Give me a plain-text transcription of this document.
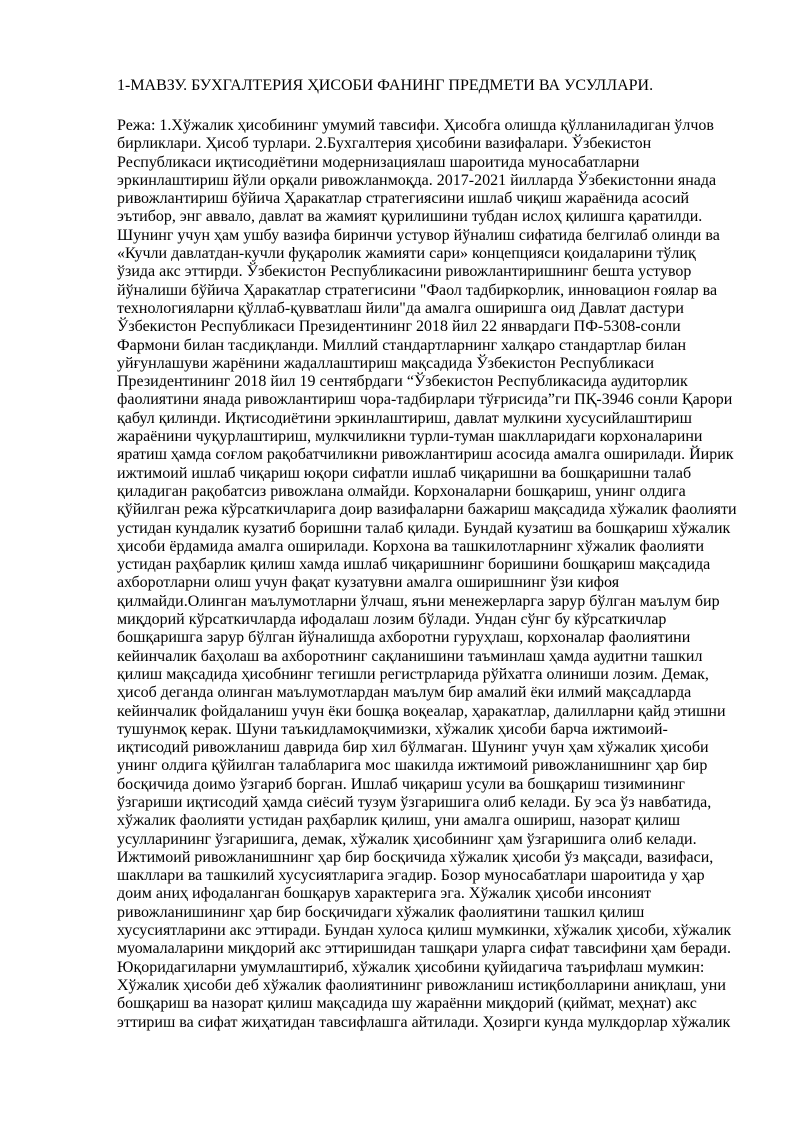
1-МАВЗУ. БУХГАЛТЕРИЯ ҲИСОБИ ФАНИНГ ПРЕДМЕТИ ВА УСУЛЛАРИ.
Режа: 1.Хўжалик ҳисобининг умумий тавсифи. Ҳисобга олишда қўлланиладиган ўлчов
бирликлари. Ҳисоб турлари. 2.Бухгалтерия ҳисобини вазифалари. Ўзбекистон
Республикаси иқтисодиётини модернизациялаш шароитида муносабатларни
эркинлаштириш йўли орқали ривожланмоқда. 2017-2021 йилларда Ўзбекистонни янада
ривожлантириш бўйича Ҳаракатлар стратегиясини ишлаб чиқиш жараёнида асосий
эътибор, энг аввало, давлат ва жамият қурилишини тубдан ислоҳ қилишга қаратилди.
Шунинг учун ҳам ушбу вазифа биринчи устувор йўналиш сифатида белгилаб олинди ва
«Кучли давлатдан-кучли фуқаролик жамияти сари» концепцияси қоидаларини тўлиқ
ўзида акс эттирди. Ўзбекистон Республикасини ривожлантиришнинг бешта устувор
йўналиши бўйича Ҳаракатлар стратегисини "Фаол тадбиркорлик, инновацион ғоялар ва
технологияларни қўллаб-қувватлаш йили"да амалга оширишга оид Давлат дастури
Ўзбекистон Республикаси Президентининг 2018 йил 22 январдаги ПФ-5308-сонли
Фармони билан тасдиқланди. Миллий стандартларнинг халқаро стандартлар билан
уйғунлашуви жарёнини жадаллаштириш мақсадида Ўзбекистон Республикаси
Президентининг 2018 йил 19 сентябрдаги “Ўзбекистон Республикасида аудиторлик
фаолиятини янада ривожлантириш чора-тадбирлари тўғрисида”ги ПҚ-3946 сонли Қарори
қабул қилинди. Иқтисодиётини эркинлаштириш, давлат мулкини хусусийлаштириш
жараёнини чуқурлаштириш, мулкчиликни турли-туман шаклларидаги корхоналарини
яратиш ҳамда соғлом рақобатчиликни ривожлантириш асосида амалга оширилади. Йирик
ижтимоий ишлаб чиқариш юқори сифатли ишлаб чиқаришни ва бошқаришни талаб
қиладиган рақобатсиз ривожлана олмайди. Корхоналарни бошқариш, унинг олдига
қўйилган режа кўрсаткичларига доир вазифаларни бажариш мақсадида хўжалик фаолияти
устидан кундалик кузатиб боришни талаб қилади. Бундай кузатиш ва бошқариш хўжалик
ҳисоби ёрдамида амалга оширилади. Корхона ва ташкилотларнинг хўжалик фаолияти
устидан раҳбарлик қилиш хамда ишлаб чиқаришнинг боришини бошқариш мақсадида
ахборотларни олиш учун фақат кузатувни амалга оширишнинг ўзи кифоя
қилмайди.Олинган маълумотларни ўлчаш, яъни менежерларга зарур бўлган маълум бир
миқдорий кўрсаткичларда ифодалаш лозим бўлади. Ундан сўнг бу кўрсаткичлар
бошқаришга зарур бўлган йўналишда ахборотни гуруҳлаш, корхоналар фаолиятини
кейинчалик баҳолаш ва ахборотнинг сақланишини таъминлаш ҳамда аудитни ташкил
қилиш мақсадида ҳисобнинг тегишли регистрларида рўйхатга олиниши лозим. Демак,
ҳисоб деганда олинган маълумотлардан маълум бир амалий ёки илмий мақсадларда
кейинчалик фойдаланиш учун ёки бошқа воқеалар, ҳаракатлар, далилларни қайд этишни
тушунмоқ керак. Шуни таъкидламоқчимизки, хўжалик ҳисоби барча ижтимоий-
иқтисодий ривожланиш даврида бир хил бўлмаган. Шунинг учун ҳам хўжалик ҳисоби
унинг олдига қўйилган талабларига мос шакилда ижтимоий ривожланишнинг ҳар бир
босқичида доимо ўзгариб борган. Ишлаб чиқариш усули ва бошқариш тизимининг
ўзгариши иқтисодий ҳамда сиёсий тузум ўзгаришига олиб келади. Бу эса ўз навбатида,
хўжалик фаолияти устидан раҳбарлик қилиш, уни амалга ошириш, назорат қилиш
усулларининг ўзгаришига, демак, хўжалик ҳисобининг ҳам ўзгаришига олиб келади.
Ижтимоий ривожланишнинг ҳар бир босқичида хўжалик ҳисоби ўз мақсади, вазифаси,
шакллари ва ташкилий хусусиятларига эгадир. Бозор муносабатлари шароитида у ҳар
доим аниҳ ифодаланган бошқарув характерига эга. Хўжалик ҳисоби инсоният
ривожланишининг ҳар бир босқичидаги хўжалик фаолиятини ташкил қилиш
хусусиятларини акс эттиради. Бундан хулоса қилиш мумкинки, хўжалик ҳисоби, хўжалик
муомалаларини миқдорий акс эттиришидан ташқари уларга сифат тавсифини ҳам беради.
Юқоридагиларни умумлаштириб, хўжалик ҳисобини қуйидагича таърифлаш мумкин:
Хўжалик ҳисоби деб хўжалик фаолиятининг ривожланиш истиқболларини аниқлаш, уни
бошқариш ва назорат қилиш мақсадида шу жараённи миқдорий (қиймат, меҳнат) акс
эттириш ва сифат жиҳатидан тавсифлашга айтилади. Ҳозирги кунда мулкдорлар хўжалик
